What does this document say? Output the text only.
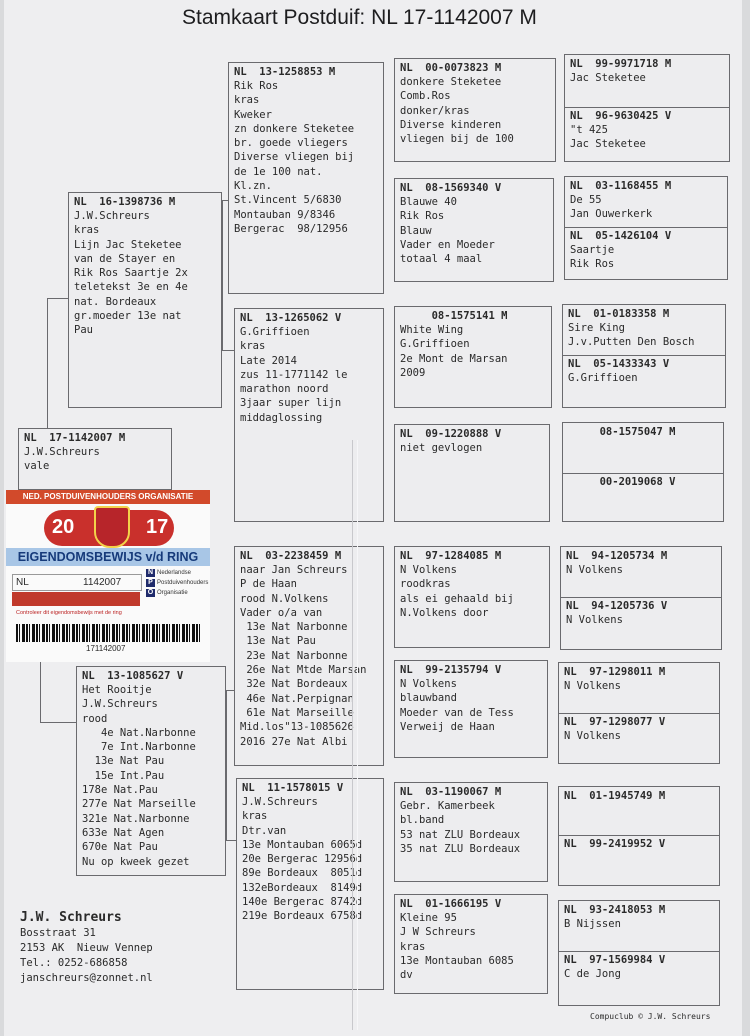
Stamkaart Postduif: NL 17-1142007 M
NL  17-1142007 M
J.W.Schreurs
vale
NL  16-1398736 M
J.W.Schreurs
kras
Lijn Jac Steketee
van de Stayer en
Rik Ros Saartje 2x
teletekst 3e en 4e
nat. Bordeaux
gr.moeder 13e nat
Pau
NL  13-1085627 V
Het Rooitje
J.W.Schreurs
rood
4e Nat.Narbonne
7e Int.Narbonne
13e Nat Pau
15e Int.Pau
178e Nat.Pau
277e Nat Marseille
321e Nat.Narbonne
633e Nat Agen
670e Nat Pau
Nu op kweek gezet
NL  13-1258853 M
Rik Ros
kras
Kweker
zn donkere Steketee
br. goede vliegers
Diverse vliegen bij
de 1e 100 nat.
Kl.zn.
St.Vincent 5/6830
Montauban 9/8346
Bergerac  98/12956
NL  13-1265062 V
G.Griffioen
kras
Late 2014
zus 11-1771142 le
marathon noord
3jaar super lijn
middaglossing
NL  03-2238459 M
naar Jan Schreurs
P de Haan
rood N.Volkens
Vader o/a van
13e Nat Narbonne
13e Nat Pau
23e Nat Narbonne
26e Nat Mtde Marsan
32e Nat Bordeaux
46e Nat.Perpignan
61e Nat Marseille
Mid.los"13-1085626
2016 27e Nat Albi
NL  11-1578015 V
J.W.Schreurs
kras
Dtr.van
13e Montauban 6065d
20e Bergerac 12956d
89e Bordeaux  8051d
132eBordeaux  8149d
140e Bergerac 8742d
219e Bordeaux 6758d
NL  00-0073823 M
donkere Steketee
Comb.Ros
donker/kras
Diverse kinderen
vliegen bij de 100
NL  08-1569340 V
Blauwe 40
Rik Ros
Blauw
Vader en Moeder
totaal 4 maal
08-1575141 M
White Wing
G.Griffioen
2e Mont de Marsan
2009
NL  09-1220888 V
niet gevlogen
NL  97-1284085 M
N Volkens
roodkras
als ei gehaald bij
N.Volkens door
NL  99-2135794 V
N Volkens
blauwband
Moeder van de Tess
Verweij de Haan
NL  03-1190067 M
Gebr. Kamerbeek
bl.band
53 nat ZLU Bordeaux
35 nat ZLU Bordeaux
NL  01-1666195 V
Kleine 95
J W Schreurs
kras
13e Montauban 6085
dv
NL  99-9971718 M
Jac Steketee
NL  96-9630425 V
"t 425
Jac Steketee
NL  03-1168455 M
De 55
Jan Ouwerkerk
NL  05-1426104 V
Saartje
Rik Ros
NL  01-0183358 M
Sire King
J.v.Putten Den Bosch
NL  05-1433343 V
G.Griffioen
08-1575047 M
00-2019068 V
NL  94-1205734 M
N Volkens
NL  94-1205736 V
N Volkens
NL  97-1298011 M
N Volkens
NL  97-1298077 V
N Volkens
NL  01-1945749 M
NL  99-2419952 V
NL  93-2418053 M
B Nijssen
NL  97-1569984 V
C de Jong
NED. POSTDUIVENHOUDERS ORGANISATIE
20	17
EIGENDOMSBEWIJS v/d RING
NL	1142007
N Nederlandse
P Postduivenhouders
O Organisatie
Controleer dit eigendomsbewijs met de ring
171142007
J.W. Schreurs
Bosstraat 31
2153 AK  Nieuw Vennep
Tel.: 0252-686858
janschreurs@zonnet.nl
Compuclub © J.W. Schreurs
